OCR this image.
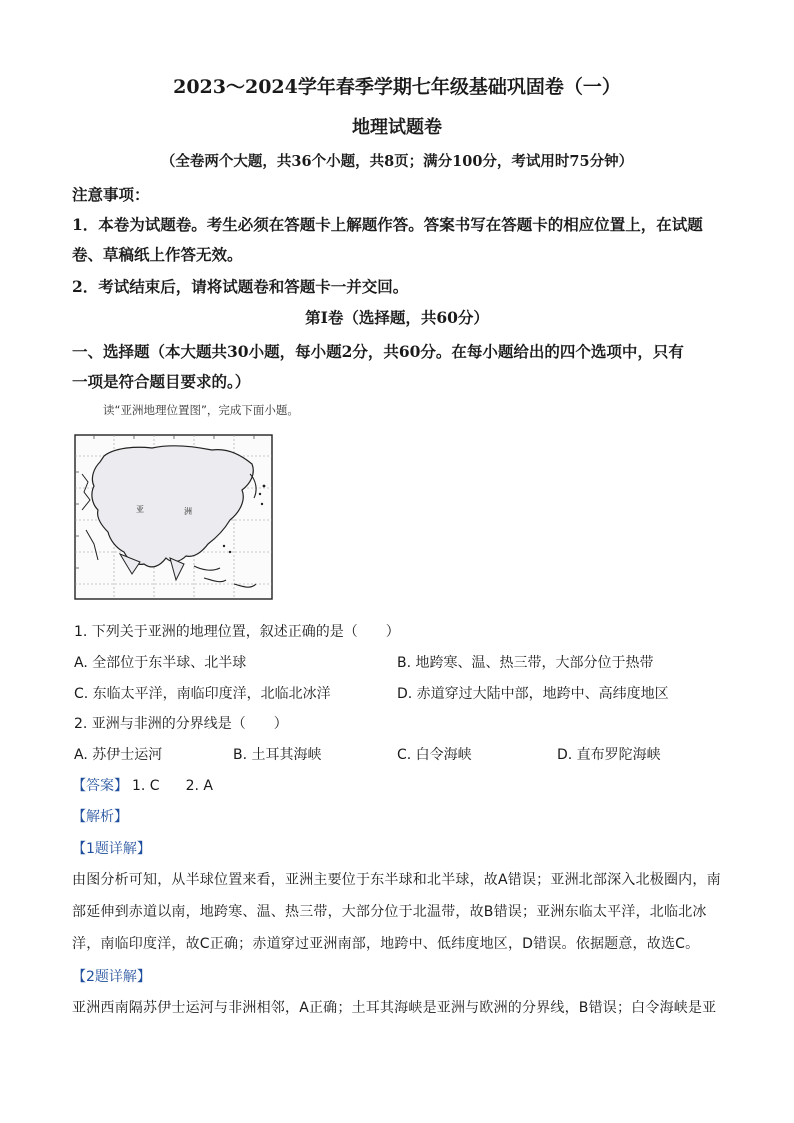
2023～2024学年春季学期七年级基础巩固卷（一）
地理试题卷
（全卷两个大题，共36个小题，共8页；满分100分，考试用时75分钟）
注意事项：
1．本卷为试题卷。考生必须在答题卡上解题作答。答案书写在答题卡的相应位置上，在试题
卷、草稿纸上作答无效。
2．考试结束后，请将试题卷和答题卡一并交回。
第Ⅰ卷（选择题，共60分）
一、选择题（本大题共30小题，每小题2分，共60分。在每小题给出的四个选项中，只有
一项是符合题目要求的。）
读“亚洲地理位置图”，完成下面小题。
亚	洲
1. 下列关于亚洲的地理位置，叙述正确的是（　　）
A. 全部位于东半球、北半球	B. 地跨寒、温、热三带，大部分位于热带
C. 东临太平洋，南临印度洋，北临北冰洋	D. 赤道穿过大陆中部，地跨中、高纬度地区
2. 亚洲与非洲的分界线是（　　）
A. 苏伊士运河	B. 土耳其海峡	C. 白令海峡	D. 直布罗陀海峡
【答案】 1. C 2. A
【解析】
【1题详解】
由图分析可知，从半球位置来看，亚洲主要位于东半球和北半球，故A错误；亚洲北部深入北极圈内，南
部延伸到赤道以南，地跨寒、温、热三带，大部分位于北温带，故B错误；亚洲东临太平洋，北临北冰
洋，南临印度洋，故C正确；赤道穿过亚洲南部，地跨中、低纬度地区，D错误。依据题意，故选C。
【2题详解】
亚洲西南隔苏伊士运河与非洲相邻，A正确；土耳其海峡是亚洲与欧洲的分界线，B错误；白令海峡是亚
